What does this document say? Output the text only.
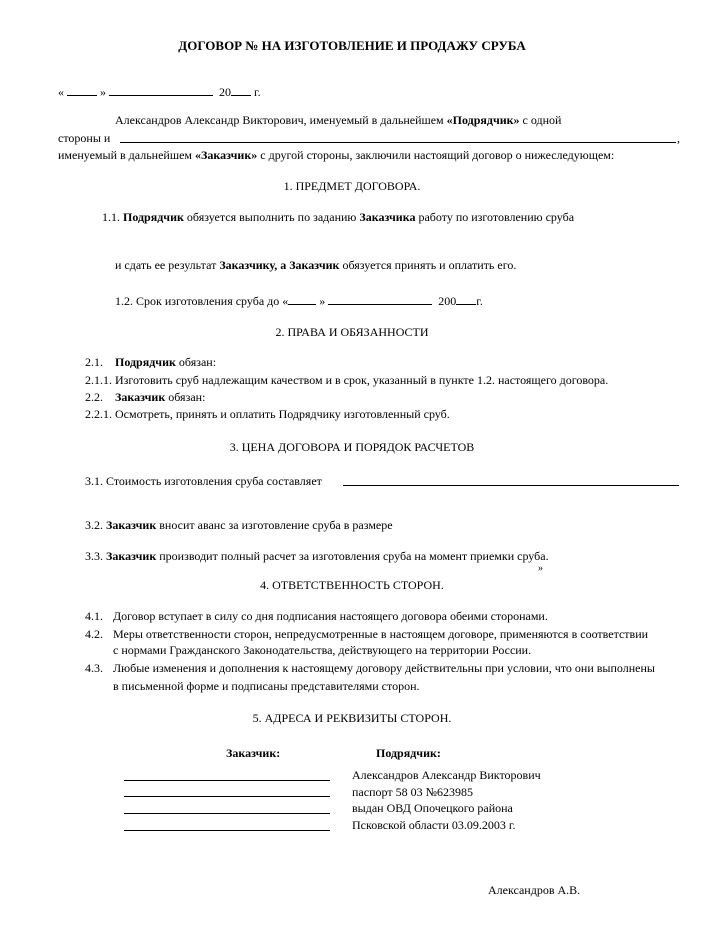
ДОГОВОР № НА ИЗГОТОВЛЕНИЕ И ПРОДАЖУ СРУБА
«	»	20 г.
Александров Александр Викторович, именуемый в дальнейшем «Подрядчик» с одной
стороны и	,
именуемый в дальнейшем «Заказчик» с другой стороны, заключили настоящий договор о нижеследующем:
1. ПРЕДМЕТ ДОГОВОРА.
1.1. Подрядчик обязуется выполнить по заданию Заказчика работу по изготовлению сруба
и сдать ее результат Заказчику, а Заказчик обязуется принять и оплатить его.
1.2. Срок изготовления сруба до «	»	200 г.
2. ПРАВА И ОБЯЗАННОСТИ
2.1. Подрядчик обязан:
2.1.1. Изготовить сруб надлежащим качеством и в срок, указанный в пункте 1.2. настоящего договора.
2.2. Заказчик обязан:
2.2.1. Осмотреть, принять и оплатить Подрядчику изготовленный сруб.
3. ЦЕНА ДОГОВОРА И ПОРЯДОК РАСЧЕТОВ
3.1. Стоимость изготовления сруба составляет
3.2. Заказчик вносит аванс за изготовление сруба в размере
3.3. Заказчик производит полный расчет за изготовления сруба на момент приемки сруба.
»
4. ОТВЕТСТВЕННОСТЬ СТОРОН.
4.1. Договор вступает в силу со дня подписания настоящего договора обеими сторонами.
4.2. Меры ответственности сторон, непредусмотренные в настоящем договоре, применяются в соответствии
с нормами Гражданского Законодательства, действующего на территории России.
4.3. Любые изменения и дополнения к настоящему договору действительны при условии, что они выполнены
в письменной форме и подписаны представителями сторон.
5. АДРЕСА И РЕКВИЗИТЫ СТОРОН.
Заказчик:	Подрядчик:
Александров Александр Викторович
паспорт 58 03 №623985
выдан ОВД Опочецкого района
Псковской области 03.09.2003 г.
Александров А.В.
